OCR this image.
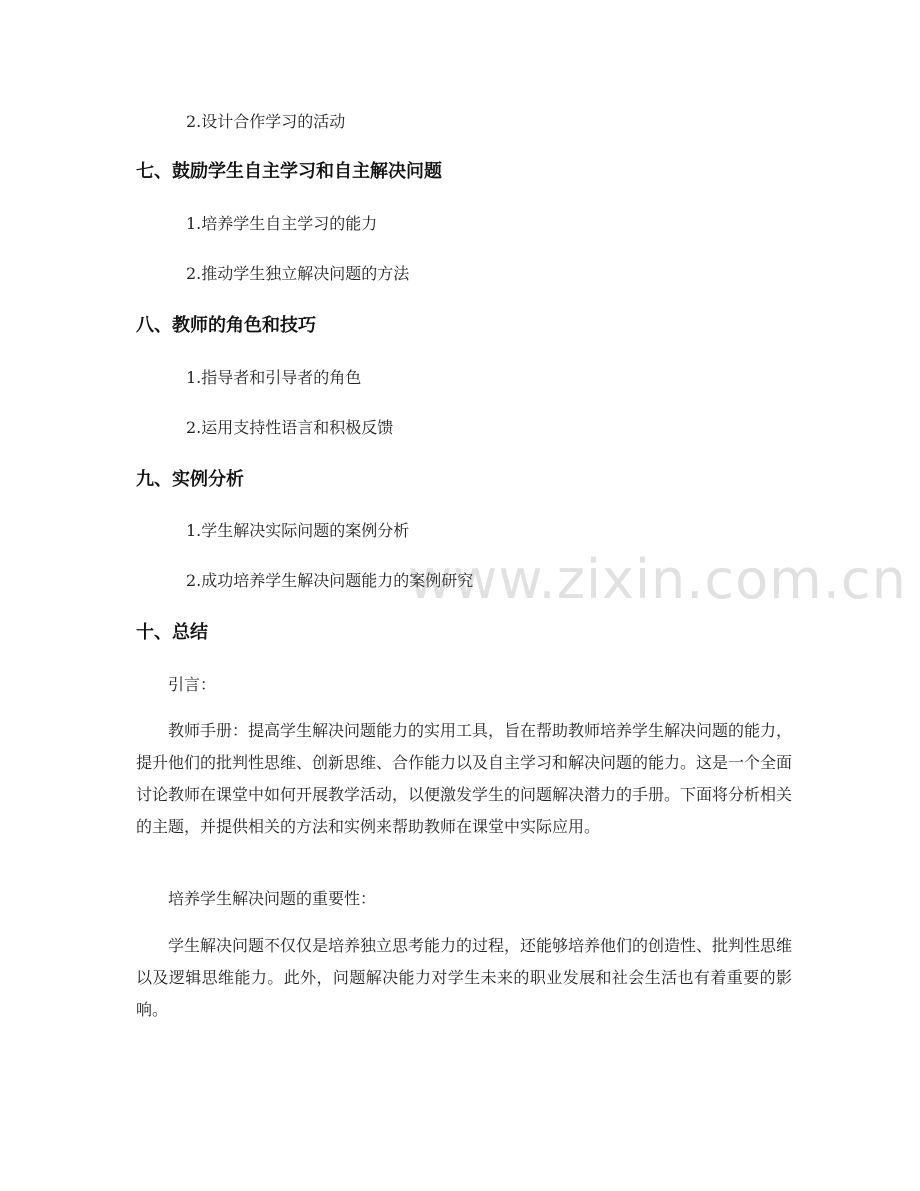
2.设计合作学习的活动
七、鼓励学生自主学习和自主解决问题
1.培养学生自主学习的能力
2.推动学生独立解决问题的方法
八、教师的角色和技巧
1.指导者和引导者的角色
2.运用支持性语言和积极反馈
九、实例分析
1.学生解决实际问题的案例分析
2.成功培养学生解决问题能力的案例研究
十、总结
引言：

教师手册：提高学生解决问题能力的实用工具，旨在帮助教师培养学生解决问题的能力，提升他们的批判性思维、创新思维、合作能力以及自主学习和解决问题的能力。这是一个全面讨论教师在课堂中如何开展教学活动，以便激发学生的问题解决潜力的手册。下面将分析相关的主题，并提供相关的方法和实例来帮助教师在课堂中实际应用。

培养学生解决问题的重要性：

学生解决问题不仅仅是培养独立思考能力的过程，还能够培养他们的创造性、批判性思维以及逻辑思维能力。此外，问题解决能力对学生未来的职业发展和社会生活也有着重要的影响。

www.zixin.com.cn
